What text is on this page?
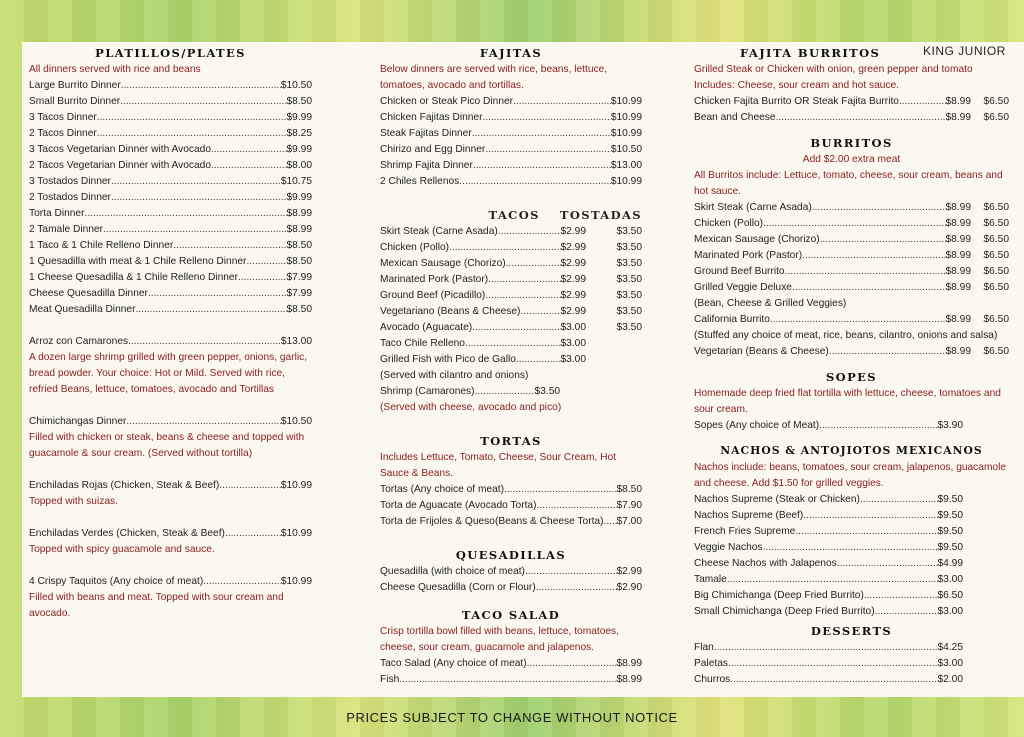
PLATILLOS/PLATES
All dinners served with rice and beans
Large Burrito Dinner .....	$10.50
Small Burrito Dinner .....	$8.50
3 Tacos Dinner .....	$9.99
2 Tacos Dinner .....	$8.25
3 Tacos Vegetarian Dinner with Avocado .....	$9.99
2 Tacos Vegetarian Dinner with Avocado .....	$8.00
3 Tostados Dinner .....	$10.75
2 Tostados Dinner .....	$9.99
Torta Dinner .....	$8.99
2 Tamale Dinner .....	$8.99
1 Taco & 1 Chile Relleno Dinner .....	$8.50
1 Quesadilla with meat & 1 Chile Relleno Dinner .....	$8.50
1 Cheese Quesadilla & 1 Chile Relleno Dinner .....	$7.99
Cheese Quesadilla Dinner .....	$7.99
Meat Quesadilla Dinner .....	$8.50
Arroz con Camarones .....	$13.00
A dozen large shrimp grilled with green pepper, onions, garlic, bread powder. Your choice: Hot or Mild. Served with rice, refried Beans, lettuce, tomatoes, avocado and Tortillas
Chimichangas Dinner .....	$10.50
Filled with chicken or steak, beans & cheese and topped with guacamole & sour cream. (Served without tortilla)
Enchiladas Rojas (Chicken, Steak & Beef) .....	$10.99
Topped with suizas.
Enchiladas Verdes (Chicken, Steak & Beef) .....	$10.99
Topped with spicy guacamole and sauce.
4 Crispy Taquitos (Any choice of meat) .....	$10.99
Filled with beans and meat. Topped with sour cream and avocado.
FAJITAS
Below dinners are served with rice, beans, lettuce, tomatoes, avocado and tortillas.
Chicken or Steak Pico Dinner .....	$10.99
Chicken Fajitas Dinner .....	$10.99
Steak Fajitas Dinner .....	$10.99
Chirizo and Egg Dinner .....	$10.50
Shrimp Fajita Dinner .....	$13.00
2 Chiles Rellenos .....	$10.99
TACOS	TOSTADAS
Skirt Steak (Carne Asada) .....	$2.99	$3.50
Chicken (Pollo) .....	$2.99	$3.50
Mexican Sausage (Chorizo) .....	$2.99	$3.50
Marinated Pork (Pastor) .....	$2.99	$3.50
Ground Beef (Picadillo) .....	$2.99	$3.50
Vegetariano (Beans & Cheese) .....	$2.99	$3.50
Avocado (Aguacate) .....	$3.00	$3.50
Taco Chile Relleno .....	$3.00
Grilled Fish with Pico de Gallo .....	$3.00
(Served with cilantro and onions)
Shrimp (Camarones) .....	$3.50
(Served with cheese, avocado and pico)
TORTAS
Includes Lettuce, Tomato, Cheese, Sour Cream, Hot Sauce & Beans.
Tortas (Any choice of meat) .....	$8.50
Torta de Aguacate (Avocado Torta) .....	$7.90
Torta de Frijoles & Queso(Beans & Cheese Torta) ..... $7.00
QUESADILLAS
Quesadilla (with choice of meat) .....	$2.99
Cheese Quesadilla (Corn or Flour) .....	$2.90
TACO SALAD
Crisp tortilla bowl filled with beans, lettuce, tomatoes, cheese, sour cream, guacamole and jalapenos.
Taco Salad (Any choice of meat) .....	$8.99
Fish .....	$8.99
KING JUNIOR
FAJITA BURRITOS
Grilled Steak or Chicken with onion, green pepper and tomato Includes: Cheese, sour cream and hot sauce.
Chicken Fajita Burrito OR Steak Fajita Burrito .....	$8.99	$6.50
Bean and Cheese .....	$8.99	$6.50
BURRITOS
Add $2.00 extra meat
All Burritos include: Lettuce, tomato, cheese, sour cream, beans and hot sauce.
Skirt Steak (Carne Asada) .....	$8.99	$6.50
Chicken (Pollo) .....	$8.99	$6.50
Mexican Sausage (Chorizo) .....	$8.99	$6.50
Marinated Pork (Pastor) .....	$8.99	$6.50
Ground Beef Burrito .....	$8.99	$6.50
Grilled Veggie Deluxe .....	$8.99	$6.50
(Bean, Cheese & Grilled Veggies)
California Burrito .....	$8.99	$6.50
(Stuffed any choice of meat, rice, beans, cilantro, onions and salsa)
Vegetarian (Beans & Cheese) .....	$8.99	$6.50
SOPES
Homemade deep fried flat tortilla with lettuce, cheese, tomatoes and sour cream.
Sopes (Any choice of Meat) .....	$3.90
NACHOS & ANTOJIOTOS MEXICANOS
Nachos include: beans, tomatoes, sour cream, jalapenos, guacamole and cheese. Add $1.50 for grilled veggies.
Nachos Supreme (Steak or Chicken) .....	$9.50
Nachos Supreme (Beef) .....	$9.50
French Fries Supreme .....	$9.50
Veggie Nachos .....	$9.50
Cheese Nachos with Jalapenos .....	$4.99
Tamale .....	$3.00
Big Chimichanga (Deep Fried Burrito) .....	$6.50
Small Chimichanga (Deep Fried Burrito) .....	$3.00
DESSERTS
Flan .....	$4.25
Paletas .....	$3.00
Churros .....	$2.00
PRICES SUBJECT TO CHANGE WITHOUT NOTICE
